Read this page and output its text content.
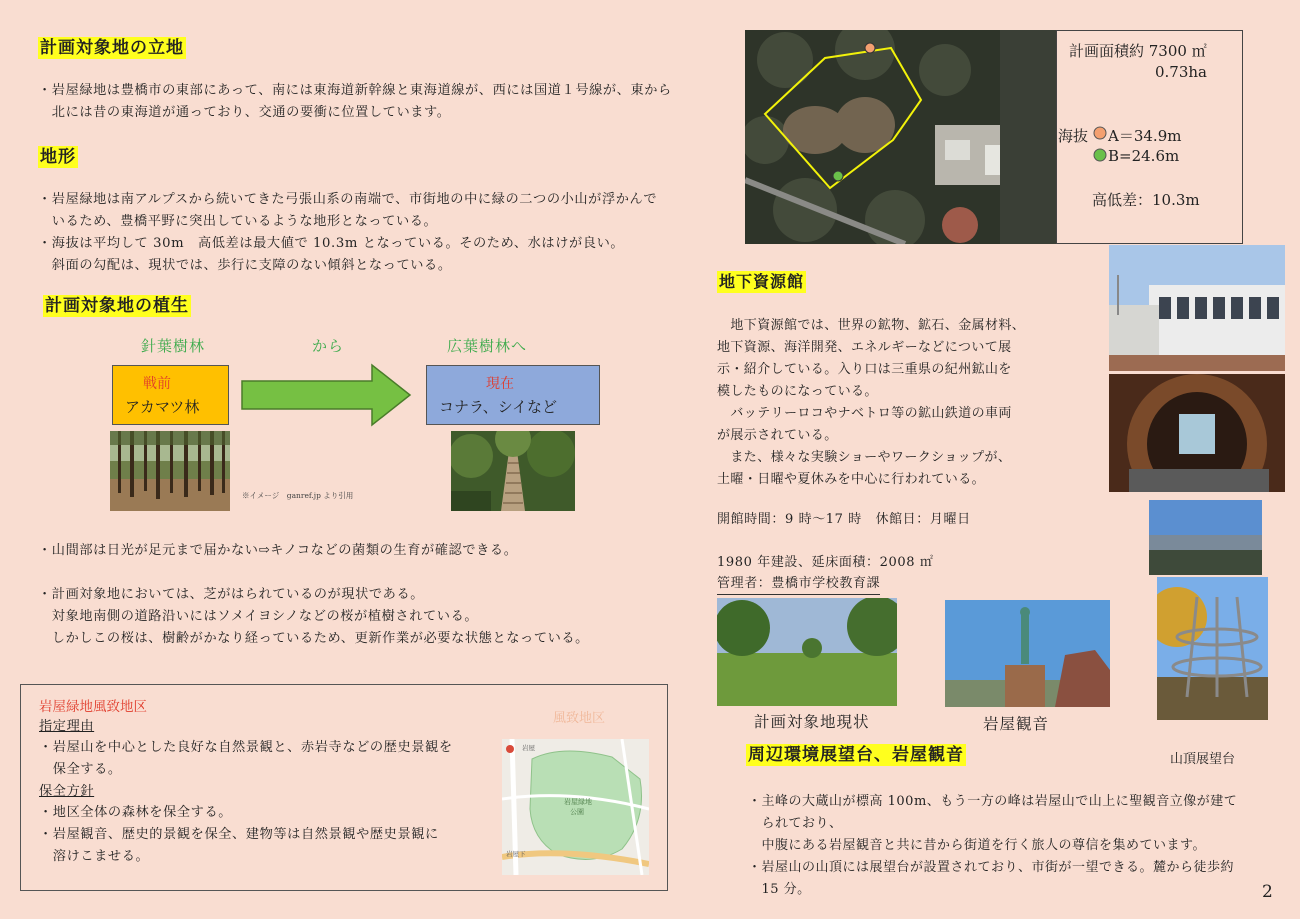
計画対象地の立地
・岩屋緑地は豊橋市の東部にあって、南には東海道新幹線と東海道線が、西には国道１号線が、東から
　北には昔の東海道が通っており、交通の要衝に位置しています。
地形
・岩屋緑地は南アルプスから続いてきた弓張山系の南端で、市街地の中に緑の二つの小山が浮かんで
　いるため、豊橋平野に突出しているような地形となっている。
・海抜は平均して 30m　高低差は最大値で 10.3m となっている。そのため、水はけが良い。
　斜面の勾配は、現状では、歩行に支障のない傾斜となっている。
計画対象地の植生
針葉樹林	から	広葉樹林へ
戦前
アカマツ林
現在
コナラ、シイなど
※イメージ　ganref.jp より引用
・山間部は日光が足元まで届かない⇨キノコなどの菌類の生育が確認できる。
・計画対象地においては、芝がはられているのが現状である。
　対象地南側の道路沿いにはソメイヨシノなどの桜が植樹されている。
　しかしこの桜は、樹齢がかなり経っているため、更新作業が必要な状態となっている。
岩屋緑地風致地区
指定理由
・岩屋山を中心とした良好な自然景観と、赤岩寺などの歴史景観を
　保全する。
保全方針
・地区全体の森林を保全する。
・岩屋観音、歴史的景観を保全、建物等は自然景観や歴史景観に
　溶けこませる。
風致地区
岩屋緑地
公園
岩屋下
岩屋
計画面積約 7300 ㎡
0.73ha
海抜 A＝34.9m
B=24.6m
高低差：10.3m
地下資源館
　地下資源館では、世界の鉱物、鉱石、金属材料、
地下資源、海洋開発、エネルギーなどについて展
示・紹介している。入り口は三重県の紀州鉱山を
模したものになっている。
　バッテリーロコやナベトロ等の鉱山鉄道の車両
が展示されている。
　また、様々な実験ショーやワークショップが、
土曜・日曜や夏休みを中心に行われている。
開館時間：9 時～17 時　休館日：月曜日
1980 年建設、延床面積：2008 ㎡
管理者：豊橋市学校教育課
計画対象地現状	岩屋観音
山頂展望台
周辺環境展望台、岩屋観音
・主峰の大蔵山が標高 100m、もう一方の峰は岩屋山で山上に聖観音立像が建て
　られており、
　中腹にある岩屋観音と共に昔から街道を行く旅人の尊信を集めています。
・岩屋山の山頂には展望台が設置されており、市街が一望できる。麓から徒歩約
　15 分。	2
